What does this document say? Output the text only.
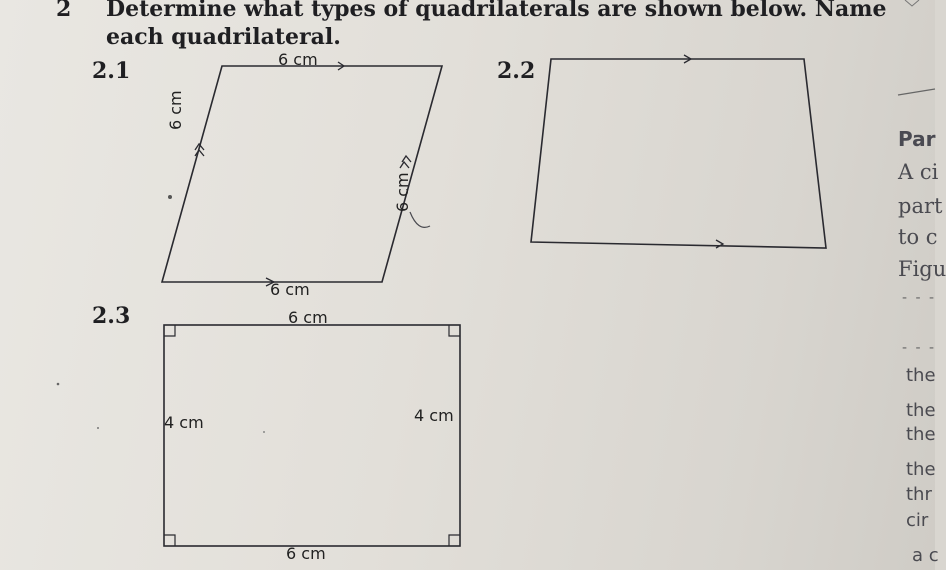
2 Determine what types of quadrilaterals are shown below. Name
each quadrilateral.
2.1	6 cm
6 cm
6 cm
6 cm
2.2
2.3	6 cm
4 cm	4 cm
6 cm
Par
A ci
part
to c
Figu
- - -
- - -
the
the
the
the
thr
cir
a c
